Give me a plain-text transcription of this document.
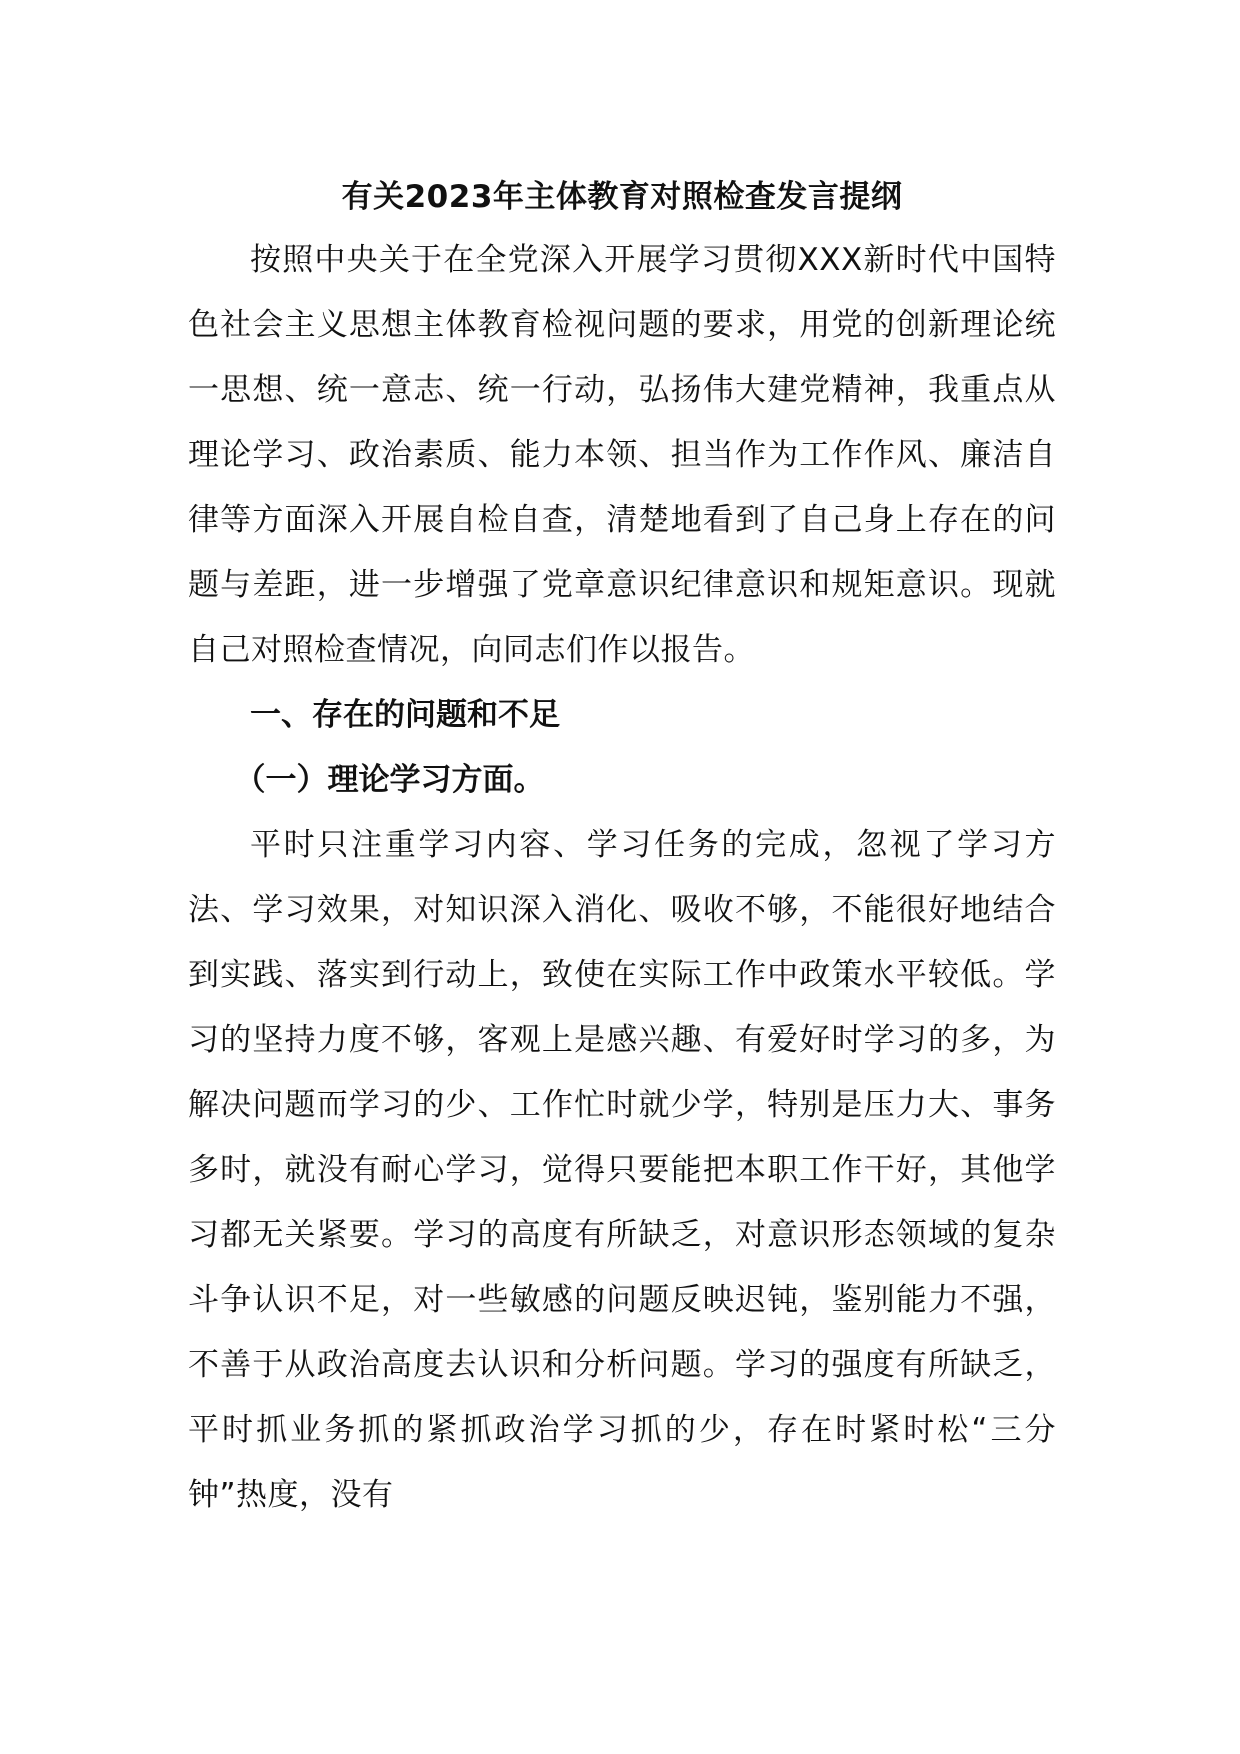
有关2023年主体教育对照检查发言提纲

按照中央关于在全党深入开展学习贯彻XXX新时代中国特色社会主义思想主体教育检视问题的要求，用党的创新理论统一思想、统一意志、统一行动，弘扬伟大建党精神，我重点从理论学习、政治素质、能力本领、担当作为工作作风、廉洁自律等方面深入开展自检自查，清楚地看到了自己身上存在的问题与差距，进一步增强了党章意识纪律意识和规矩意识。现就自己对照检查情况，向同志们作以报告。

一、存在的问题和不足
（一）理论学习方面。

平时只注重学习内容、学习任务的完成，忽视了学习方法、学习效果，对知识深入消化、吸收不够，不能很好地结合到实践、落实到行动上，致使在实际工作中政策水平较低。学习的坚持力度不够，客观上是感兴趣、有爱好时学习的多，为解决问题而学习的少、工作忙时就少学，特别是压力大、事务多时，就没有耐心学习，觉得只要能把本职工作干好，其他学习都无关紧要。学习的高度有所缺乏，对意识形态领域的复杂斗争认识不足，对一些敏感的问题反映迟钝，鉴别能力不强，不善于从政治高度去认识和分析问题。学习的强度有所缺乏，平时抓业务抓的紧抓政治学习抓的少，存在时紧时松“三分钟”热度，没有
